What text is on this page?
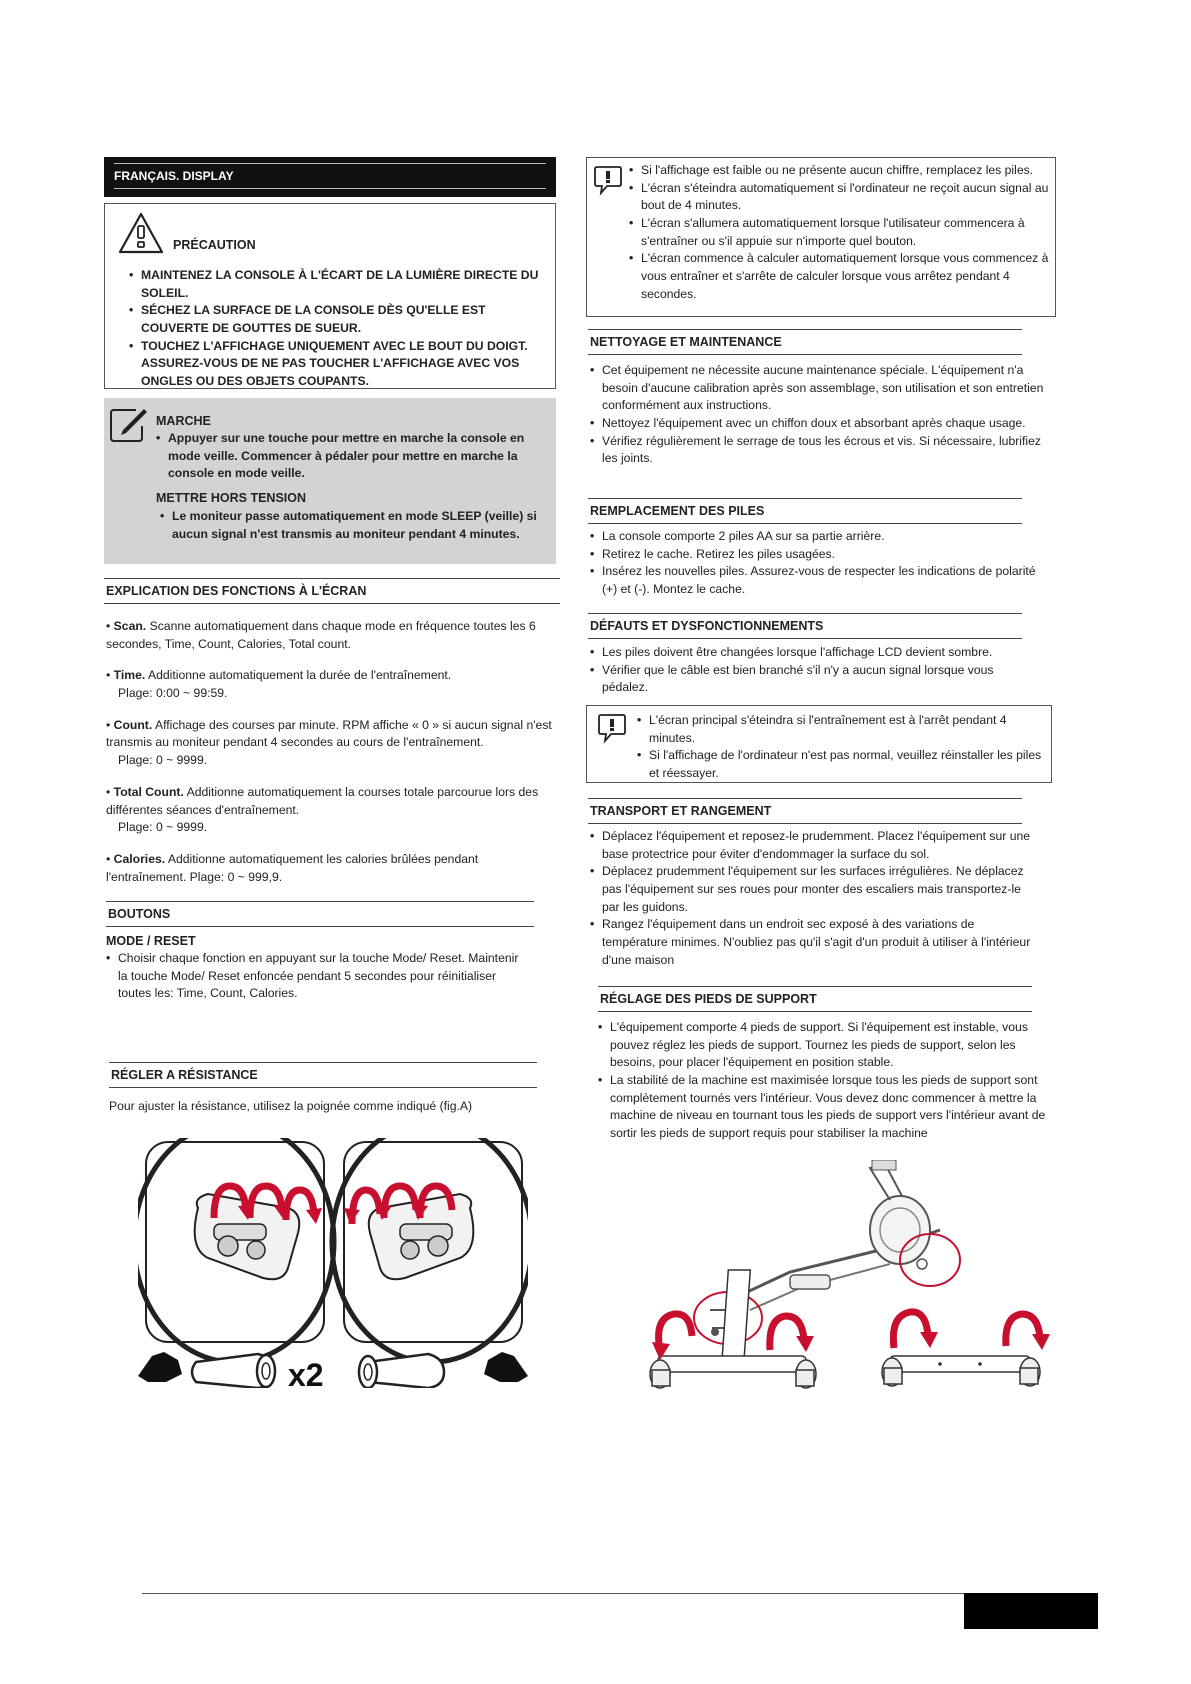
FRANÇAIS. DISPLAY
PRÉCAUTION
• MAINTENEZ LA CONSOLE À L'ÉCART DE LA LUMIÈRE DIRECTE DU SOLEIL.
• SÉCHEZ LA SURFACE DE LA CONSOLE DÈS QU'ELLE EST COUVERTE DE GOUTTES DE SUEUR.
• TOUCHEZ L'AFFICHAGE UNIQUEMENT AVEC LE BOUT DU DOIGT. ASSUREZ-VOUS DE NE PAS TOUCHER L'AFFICHAGE AVEC VOS ONGLES OU DES OBJETS COUPANTS.
MARCHE
• Appuyer sur une touche pour mettre en marche la console en mode veille. Commencer à pédaler pour mettre en marche la console en mode veille.
METTRE HORS TENSION
• Le moniteur passe automatiquement en mode SLEEP (veille) si aucun signal n'est transmis au moniteur pendant 4 minutes.
EXPLICATION DES FONCTIONS À L'ÉCRAN
• Scan. Scanne automatiquement dans chaque mode en fréquence toutes les 6 secondes, Time, Count, Calories, Total count.
• Time. Additionne automatiquement la durée de l'entraînement.
Plage: 0:00 ~ 99:59.
• Count. Affichage des courses par minute. RPM affiche « 0 » si aucun signal n'est transmis au moniteur pendant 4 secondes au cours de l'entraînement.
Plage: 0 ~ 9999.
• Total Count. Additionne automatiquement la courses totale parcourue lors des différentes séances d'entraînement.
Plage: 0 ~ 9999.
• Calories. Additionne automatiquement les calories brûlées pendant l'entraînement. Plage: 0 ~ 999,9.
BOUTONS
MODE / RESET
• Choisir chaque fonction en appuyant sur la touche Mode/ Reset. Maintenir la touche Mode/ Reset enfoncée pendant 5 secondes pour réinitialiser toutes les: Time, Count, Calories.
RÉGLER A RÉSISTANCE
Pour ajuster la résistance, utilisez la poignée comme indiqué (fig.A)
x2
• Si l'affichage est faible ou ne présente aucun chiffre, remplacez les piles.
• L'écran s'éteindra automatiquement si l'ordinateur ne reçoit aucun signal au bout de 4 minutes.
• L'écran s'allumera automatiquement lorsque l'utilisateur commencera à s'entraîner ou s'il appuie sur n'importe quel bouton.
• L'écran commence à calculer automatiquement lorsque vous commencez à vous entraîner et s'arrête de calculer lorsque vous arrêtez pendant 4 secondes.
NETTOYAGE ET MAINTENANCE
• Cet équipement ne nécessite aucune maintenance spéciale. L'équipement n'a besoin d'aucune calibration après son assemblage, son utilisation et son entretien conformément aux instructions.
• Nettoyez l'équipement avec un chiffon doux et absorbant après chaque usage.
• Vérifiez régulièrement le serrage de tous les écrous et vis. Si nécessaire, lubrifiez les joints.
REMPLACEMENT DES PILES
• La console comporte 2 piles AA sur sa partie arrière.
• Retirez le cache. Retirez les piles usagées.
• Insérez les nouvelles piles. Assurez-vous de respecter les indications de polarité (+) et (-). Montez le cache.
DÉFAUTS ET DYSFONCTIONNEMENTS
• Les piles doivent être changées lorsque l'affichage LCD devient sombre.
• Vérifier que le câble est bien branché s'il n'y a aucun signal lorsque vous pédalez.
• L'écran principal s'éteindra si l'entraînement est à l'arrêt pendant 4 minutes.
• Si l'affichage de l'ordinateur n'est pas normal, veuillez réinstaller les piles et réessayer.
TRANSPORT ET RANGEMENT
• Déplacez l'équipement et reposez-le prudemment. Placez l'équipement sur une base protectrice pour éviter d'endommager la surface du sol.
• Déplacez prudemment l'équipement sur les surfaces irrégulières. Ne déplacez pas l'équipement sur ses roues pour monter des escaliers mais transportez-le par les guidons.
• Rangez l'équipement dans un endroit sec exposé à des variations de température minimes. N'oubliez pas qu'il s'agit d'un produit à utiliser à l'intérieur d'une maison
RÉGLAGE DES PIEDS DE SUPPORT
• L'équipement comporte 4 pieds de support. Si l'équipement est instable, vous pouvez réglez les pieds de support. Tournez les pieds de support, selon les besoins, pour placer l'équipement en position stable.
• La stabilité de la machine est maximisée lorsque tous les pieds de support sont complètement tournés vers l'intérieur. Vous devez donc commencer à mettre la machine de niveau en tournant tous les pieds de support vers l'intérieur avant de sortir les pieds de support requis pour stabiliser la machine
